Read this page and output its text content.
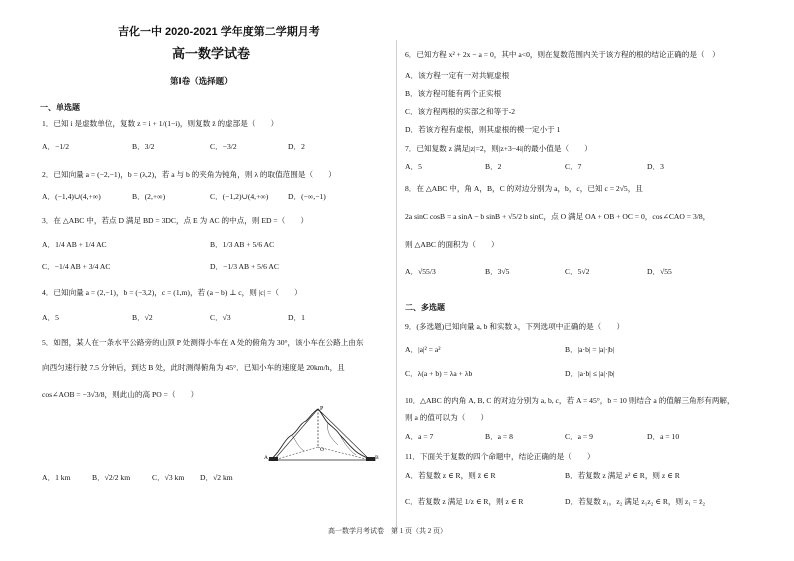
吉化一中 2020-2021 学年度第二学期月考
高一数学试卷
第Ⅰ卷（选择题）
一、单选题
1．已知 i 是虚数单位，复数 z = i + 1/(1−i)，则复数 z̄ 的虚部是（　　）
A．−1/2	B．3/2	C．−3/2	D．2
2．已知向量 a = (−2,−1)，b = (λ,2)，若 a 与 b 的夹角为钝角，则 λ 的取值范围是（　　）
A．(−1,4)∪(4,+∞)	B．(2,+∞)	C．(−1,2)∪(4,+∞)	D．(−∞,−1)
3．在 △ABC 中，若点 D 满足 BD = 3DC，点 E 为 AC 的中点，则 ED =（　　）
A．1/4 AB + 1/4 AC	B．1/3 AB + 5/6 AC
C．−1/4 AB + 3/4 AC	D．−1/3 AB + 5/6 AC
4．已知向量 a = (2,−1)，b = (−3,2)，c = (1,m)，若 (a − b) ⊥ c，则 |c| =（　　）
A．5	B．√2	C．√3	D．1
5．如图，某人在一条水平公路旁的山顶 P 处测得小车在 A 处的俯角为 30°，该小车在公路上由东
向西匀速行驶 7.5 分钟后，到达 B 处，此时测得俯角为 45°．已知小车的速度是 20km/h，且
cos∠AOB = −3√3/8，则此山的高 PO =（　　）
P
O
A	B
A．1 km	B．√2/2 km	C．√3 km D．√2 km
6．已知方程 x² + 2x − a = 0，其中 a<0，则在复数范围内关于该方程的根的结论正确的是（　）
A．该方程一定有一对共轭虚根
B．该方程可能有两个正实根
C．该方程两根的实部之和等于-2
D．若该方程有虚根，则其虚根的模一定小于 1
7．已知复数 z 满足|z|=2，则|z+3−4i|的最小值是（　　）
A．5	B．2	C．7	D．3
8．在 △ABC 中，角 A，B，C 的对边分别为 a，b，c，已知 c = 2√5，且
2a sinC cosB = a sinA − b sinB + √5/2 b sinC，点 O 满足 OA + OB + OC = 0，cos∠CAO = 3/8，
则 △ABC 的面积为（　　）
A．√55/3	B．3√5	C．5√2	D．√55
二、多选题
9．(多选题)已知向量 a, b 和实数 λ，下列选项中正确的是（　　）
A．|a|² = a²	B．|a·b| = |a|·|b|
C．λ(a + b) = λa + λb	D．|a·b| ≤ |a|·|b|
10．△ABC 的内角 A, B, C 的对边分别为 a, b, c，若 A = 45°，b = 10 则结合 a 的值解三角形有两解，
则 a 的值可以为（　　）
A．a = 7	B．a = 8	C．a = 9	D．a = 10
11．下面关于复数的四个命题中，结论正确的是（　　）
A．若复数 z ∈ R，则 z̄ ∈ R	B．若复数 z 满足 z² ∈ R，则 z ∈ R
C．若复数 z 满足 1/z ∈ R，则 z ∈ R	D．若复数 z₁，z₂ 满足 z₁z₂ ∈ R，则 z₁ = z̄₂
高一数学月考试卷　第 1 页（共 2 页）
